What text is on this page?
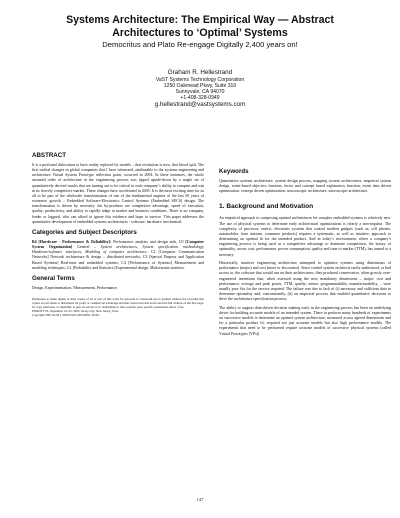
Systems Architecture: The Empirical Way — Abstract Architectures to ‘Optimal’ Systems
Democritus and Plato Re-engage Digitally 2,400 years on!
Graham R. Hellestrand
VaST Systems Technology Corporation
1250 Oakmead Pkwy, Suite 310
Sunnyvale, CA 94070
+1-408-328-0949
g.hellestrand@vastsystems.com
ABSTRACT

It is a profound dislocation to have reality replaced by models – that revolution is now, that blood spilt. The first radical changes in global companies that I have witnessed, attributable to the systems engineering and architecture Virtual System Prototype inflection point, occurred in 2004. In these instances, the whole assumed order of architecture in the engineering process was tipped upside-down by a single set of quantitatively derived results that are turning out to be critical to each company’s ability to compete and win in its fiercely competitive market. These changes have accelerated in 2005. It is the most exciting time for us all to be part of the wholesale transformation of one of the fundamental engines of the last 50 years of economic growth – Embedded Software-Electronics Control Systems (Embedded SECS) design. The transformation is driven by necessity: the by-products are competitive advantage, speed of execution, quality, productivity, and ability to rapidly adapt to market and business conditions. There is no company, leader or laggard, who can afford to ignore this evidence and hope to survive. This paper addresses the quantitative development of embedded systems architectures - software, hardware, mechanical.

Categories and Subject Descriptors

B4 [Hardware - Performance & Reliability]: Performance analysis and design aids, C0 [Computer System Organization] General – System architectures, System specification methodology, Hardware/software interfaces, Modeling of computer architecture; C2 [Computer Communication Networks] Network architecture & design – distributed networks; C3 [Special Purpose and Application Based Systems] Real-time and embedded systems; C4 [Performance of Systems] Measurement and modeling techniques; G1 [Probability and Statistics] Experimental design, Multivariate statistics.

General Terms

Design, Experimentation, Measurement, Performance.

Permission to make digital or hard copies of all or part of this work for personal or classroom use is granted without fee provided that copies are not made or distributed for profit or commercial advantage and that copies bear this notice and the full citation on the first page. To copy otherwise, or republish, to post on servers or to redistribute to lists, requires prior specific permission and/or a fee.
EMSOFT’05, September 19–22, 2005, Jersey City, New Jersey, USA.
Copyright 2005 ACM 1-59593-091-4/05/0009...$5.00.
Keywords

Quantitative systems architecture, system design process, mapping system architectures, empirical system design, event-based objective function, factor and concept based explanatory function, event data driven optimization, concept driven optimization, macroscopic architecture, microscopic architecture.

1. Background and Motivation

An empirical approach to composing optimal architectures for complex embedded systems is relatively new. The use of physical systems to determine early architectural optimizations is clearly a non-sequitur. The complexity of processor centric, electronic systems that control modern gadgets (such as, cell phones, automobiles, base stations, consumer products) requires a systematic, as well as intuitive, approach to determining an optimal fit for the intended product. And in today’s environment, where a company’s engineering process is being used as a competitive advantage to dominate competition, the luxury of optimality, across cost, performance, power consumption, quality and time to market (TTM), has turned to a necessity.

Historically, intuitive engineering architecture attempted to optimize systems using dimensions of performance (major) and cost (more or less minor). Since control system architects rarely understood, or had access to, the software that would run on their architectures, they produced conservative, often grossly over-engineered inventions that, when assessed using the now mandatory dimensions – major: cost and performance, average and peak power, TTM, quality; minor: programmability, manufacturability, – were usually poor fits for the service required. The failure was due to lack of (i) necessary and sufficient data to determine optimality and, concomitantly, (ii) an empirical process that enabled quantitative decisions to drive the architecture specification process.

The ability to support data-driven decision making early in the engineering process has been an underlying driver for building accurate models of an intended system. There to perform many hundreds of experiments on successive models to determine an optimal system architecture, measured across agreed dimensions and for a particular product fit, required not just accurate models but also high performance models. The experiments that need to be performed require accurate models of successive physical systems (called Virtual Prototypes (VPs))

147
